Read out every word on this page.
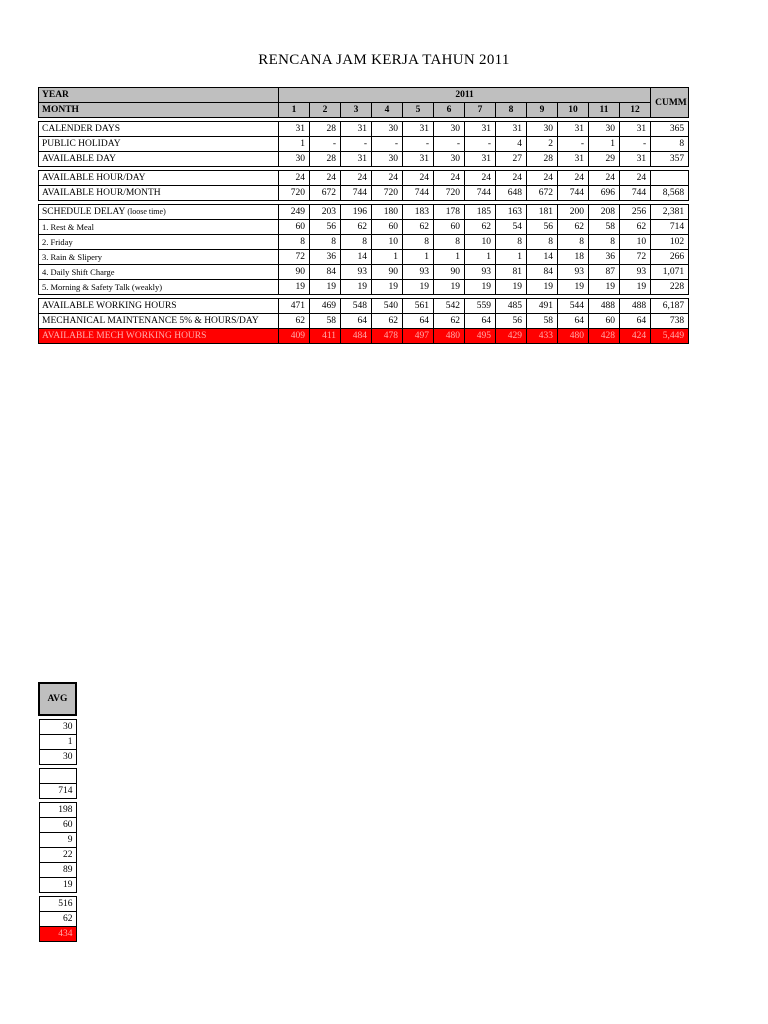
RENCANA JAM KERJA TAHUN 2011
YEAR	2011												CUMM
MONTH	1	2	3	4	5	6	7	8	9	10	11	12	

CALENDER DAYS	31	28	31	30	31	30	31	31	30	31	30	31	365
PUBLIC HOLIDAY	1	-	-	-	-	-	-	4	2	-	1	-	8
AVAILABLE DAY	30	28	31	30	31	30	31	27	28	31	29	31	357

AVAILABLE HOUR/DAY	24	24	24	24	24	24	24	24	24	24	24	24	
AVAILABLE HOUR/MONTH	720	672	744	720	744	720	744	648	672	744	696	744	8,568

SCHEDULE DELAY (loose time)	249	203	196	180	183	178	185	163	181	200	208	256	2,381
1. Rest & Meal	60	56	62	60	62	60	62	54	56	62	58	62	714
2. Friday	8	8	8	10	8	8	10	8	8	8	8	10	102
3. Rain & Slipery	72	36	14	1	1	1	1	1	14	18	36	72	266
4. Daily Shift Charge	90	84	93	90	93	90	93	81	84	93	87	93	1,071
5. Morning & Safety Talk (weakly)	19	19	19	19	19	19	19	19	19	19	19	19	228

AVAILABLE WORKING HOURS	471	469	548	540	561	542	559	485	491	544	488	488	6,187
MECHANICAL MAINTENANCE 5% & HOURS/DAY	62	58	64	62	64	62	64	56	58	64	60	64	738
AVAILABLE MECH WORKING HOURS	409	411	484	478	497	480	495	429	433	480	428	424	5,449
AVG

30
1
30

714

198
60
9
22
89
19

516
62
434
